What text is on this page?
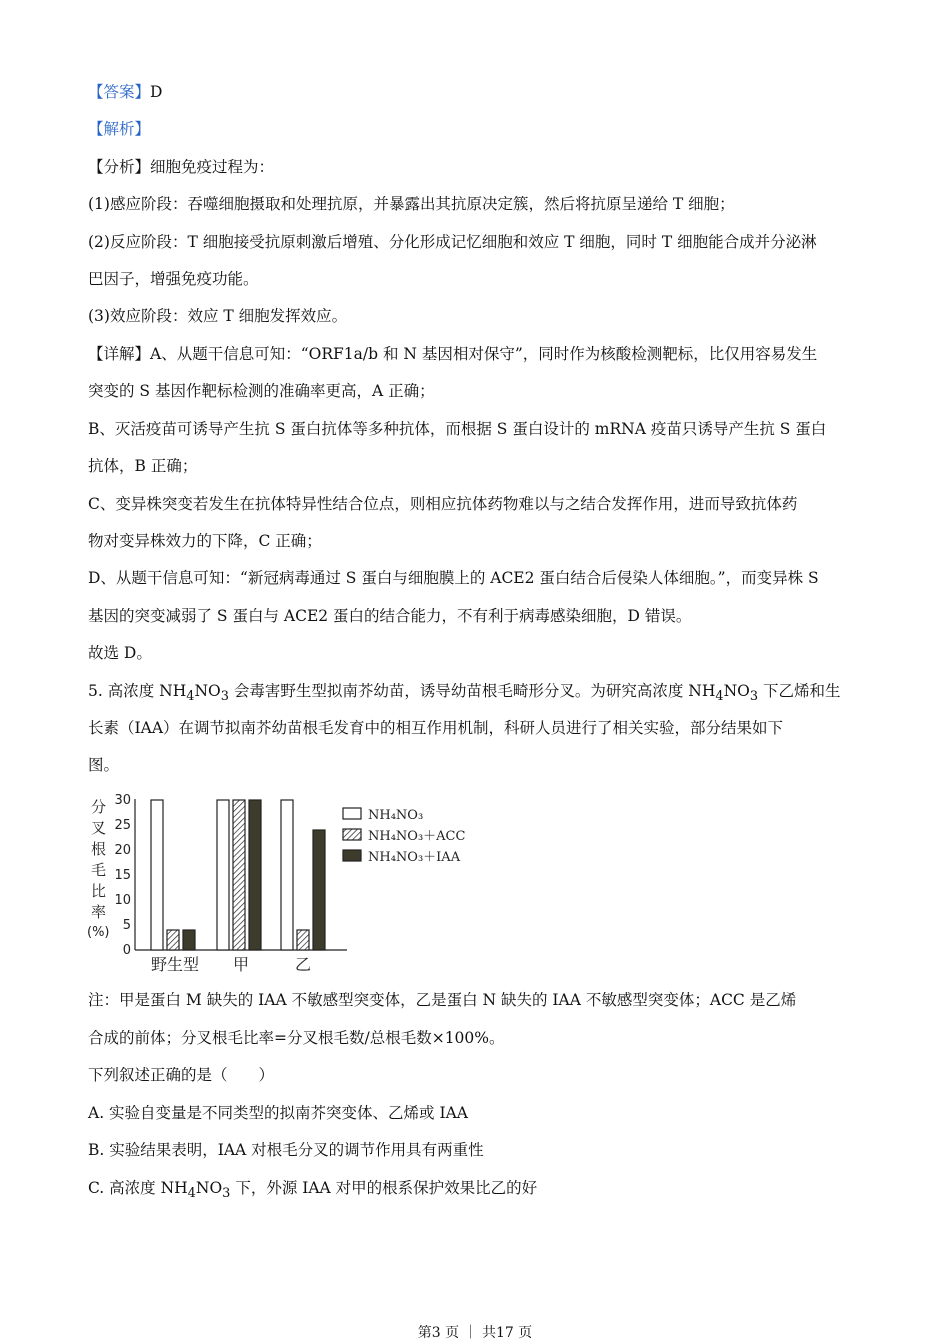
【答案】D
【解析】
【分析】细胞免疫过程为：
(1)感应阶段：吞噬细胞摄取和处理抗原，并暴露出其抗原决定簇，然后将抗原呈递给 T 细胞；
(2)反应阶段：T 细胞接受抗原刺激后增殖、分化形成记忆细胞和效应 T 细胞，同时 T 细胞能合成并分泌淋
巴因子，增强免疫功能。
(3)效应阶段：效应 T 细胞发挥效应。
【详解】A、从题干信息可知：“ORF1a/b 和 N 基因相对保守”，同时作为核酸检测靶标，比仅用容易发生
突变的 S 基因作靶标检测的准确率更高，A 正确；
B、灭活疫苗可诱导产生抗 S 蛋白抗体等多种抗体，而根据 S 蛋白设计的 mRNA 疫苗只诱导产生抗 S 蛋白
抗体，B 正确；
C、变异株突变若发生在抗体特异性结合位点，则相应抗体药物难以与之结合发挥作用，进而导致抗体药
物对变异株效力的下降，C 正确；
D、从题干信息可知：“新冠病毒通过 S 蛋白与细胞膜上的 ACE2 蛋白结合后侵染人体细胞。”，而变异株 S
基因的突变减弱了 S 蛋白与 ACE2 蛋白的结合能力，不有利于病毒感染细胞，D 错误。
故选 D。
5. 高浓度 $NH_4NO_3$ 会毒害野生型拟南芥幼苗，诱导幼苗根毛畸形分叉。为研究高浓度 $NH_4NO_3$ 下乙烯和生
长素（IAA）在调节拟南芥幼苗根毛发育中的相互作用机制，科研人员进行了相关实验，部分结果如下
图。
分
叉
根
毛
比
率
(%)
30
25
20
15
10
5
0
野生型 甲	乙
NH₄NO₃
NH₄NO₃＋ACC
NH₄NO₃＋IAA
注：甲是蛋白 M 缺失的 IAA 不敏感型突变体，乙是蛋白 N 缺失的 IAA 不敏感型突变体；ACC 是乙烯
合成的前体；分叉根毛比率=分叉根毛数/总根毛数×100%。
下列叙述正确的是（　　）
A. 实验自变量是不同类型的拟南芥突变体、乙烯或 IAA
B. 实验结果表明，IAA 对根毛分叉的调节作用具有两重性
C. 高浓度 $NH_4NO_3$ 下，外源 IAA 对甲的根系保护效果比乙的好
第3 页 ｜ 共17 页
